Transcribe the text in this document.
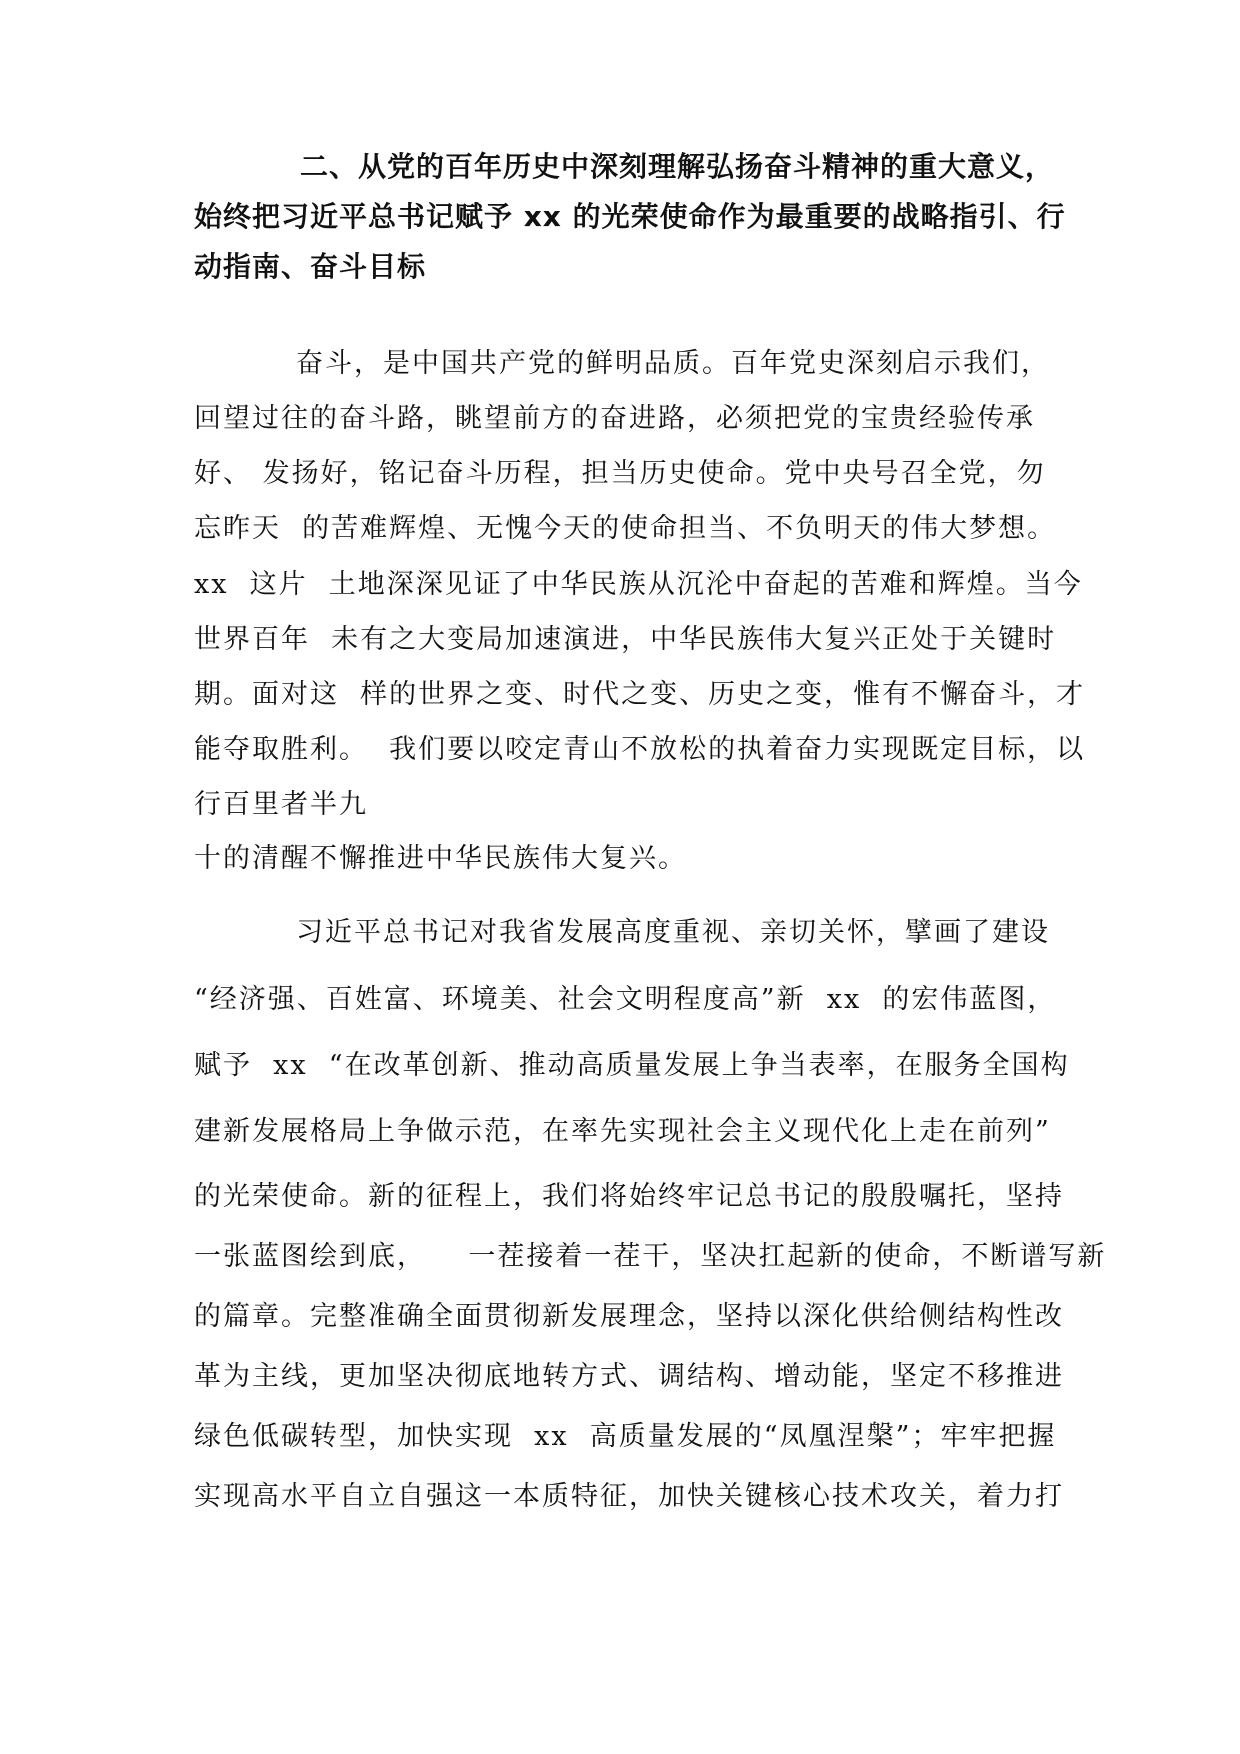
二、从党的百年历史中深刻理解弘扬奋斗精神的重大意义，
始终把习近平总书记赋予 xx 的光荣使命作为最重要的战略指引、行
动指南、奋斗目标
奋斗，是中国共产党的鲜明品质。百年党史深刻启示我们，
回望过往的奋斗路，眺望前方的奋进路，必须把党的宝贵经验传承
好、 发扬好，铭记奋斗历程，担当历史使命。党中央号召全党，勿
忘昨天  的苦难辉煌、无愧今天的使命担当、不负明天的伟大梦想。
xx  这片  土地深深见证了中华民族从沉沦中奋起的苦难和辉煌。当今
世界百年  未有之大变局加速演进，中华民族伟大复兴正处于关键时
期。面对这  样的世界之变、时代之变、历史之变，惟有不懈奋斗，才
能夺取胜利。  我们要以咬定青山不放松的执着奋力实现既定目标，以
行百里者半九
十的清醒不懈推进中华民族伟大复兴。
习近平总书记对我省发展高度重视、亲切关怀，擘画了建设
“经济强、百姓富、环境美、社会文明程度高”新  xx  的宏伟蓝图，
赋予  xx  “在改革创新、推动高质量发展上争当表率，在服务全国构
建新发展格局上争做示范，在率先实现社会主义现代化上走在前列”
的光荣使命。新的征程上，我们将始终牢记总书记的殷殷嘱托，坚持
一张蓝图绘到底，    一茬接着一茬干，坚决扛起新的使命，不断谱写新
的篇章。完整准确全面贯彻新发展理念，坚持以深化供给侧结构性改
革为主线，更加坚决彻底地转方式、调结构、增动能，坚定不移推进
绿色低碳转型，加快实现  xx  高质量发展的“凤凰涅槃”；牢牢把握
实现高水平自立自强这一本质特征，加快关键核心技术攻关，着力打
